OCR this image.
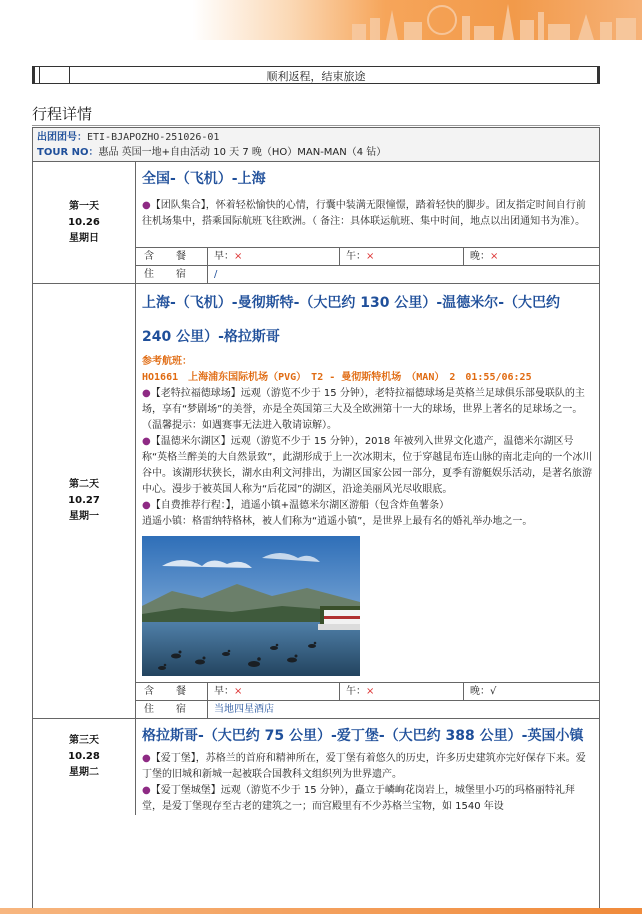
顺利返程，结束旅途
行程详情
出团团号：ETI-BJAPOZHO-251026-01
TOUR NO：惠品 英国一地+自由活动 10 天 7 晚（HO）MAN-MAN（4 钻）
第一天
10.26
星期日
全国-（飞机）-上海
●【团队集合】，怀着轻松愉快的心情，行囊中装满无限憧憬，踏着轻快的脚步。团友指定时间自行前往机场集中，搭乘国际航班飞往欧洲。（ 备注：具体联运航班、集中时间，地点以出团通知书为准）。
含　餐	早：×	午：×	晚：×
住　宿	/
第二天
10.27
星期一
上海-（飞机）-曼彻斯特-（大巴约 130 公里）-温德米尔-（大巴约 240 公里）-格拉斯哥
参考航班：
HO1661　上海浦东国际机场（PVG）　T2 - 曼彻斯特机场　（MAN）　2　01:55/06:25
●【老特拉福德球场】远观（游览不少于 15 分钟），老特拉福德球场是英格兰足球俱乐部曼联队的主场，享有“梦剧场”的美誉，亦是全英国第三大及全欧洲第十一大的球场，世界上著名的足球场之一。（温馨提示：如遇赛事无法进入敬请谅解）。
●【温德米尔湖区】远观（游览不少于 15 分钟），2018 年被列入世界文化遗产，温德米尔湖区号称“英格兰醉美的大自然景致”，此湖形成于上一次冰期末，位于穿越昆布连山脉的南北走向的一个冰川谷中。该湖形状狭长，湖水由利文河排出，为湖区国家公园一部分，夏季有游艇娱乐活动，是著名旅游中心。漫步于被英国人称为“后花园”的湖区，沿途美丽风光尽收眼底。
●【自费推荐行程：】，逍遥小镇+温德米尔湖区游船（包含炸鱼薯条）
逍遥小镇：格雷纳特格林，被人们称为“逍遥小镇”，是世界上最有名的婚礼举办地之一。
含　餐	早：×	午：×	晚：√
住　宿	当地四星酒店
第三天
10.28
星期二
格拉斯哥-（大巴约 75 公里）-爱丁堡-（大巴约 388 公里）-英国小镇
●【爱丁堡】，苏格兰的首府和精神所在，爱丁堡有着悠久的历史，许多历史建筑亦完好保存下来。爱丁堡的旧城和新城一起被联合国教科文组织列为世界遗产。
●【爱丁堡城堡】远观（游览不少于 15 分钟），矗立于嶙峋花岗岩上，城堡里小巧的玛格丽特礼拜堂，是爱丁堡现存至古老的建筑之一；而宫殿里有不少苏格兰宝物，如 1540 年设
